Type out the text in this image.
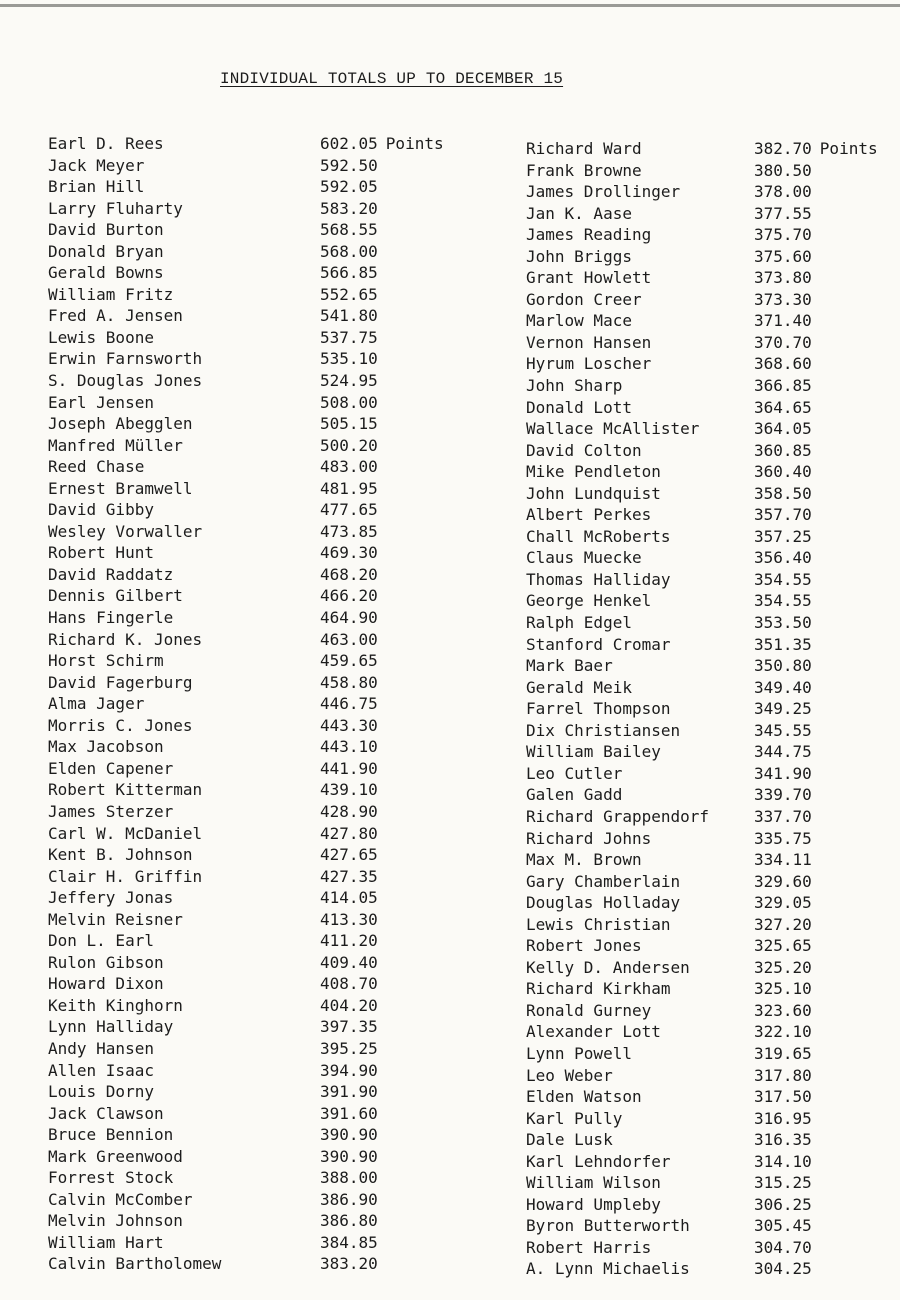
INDIVIDUAL TOTALS UP TO DECEMBER 15
Earl D. Rees	602.05 Points
Jack Meyer	592.50
Brian Hill	592.05
Larry Fluharty	583.20
David Burton	568.55
Donald Bryan	568.00
Gerald Bowns	566.85
William Fritz	552.65
Fred A. Jensen	541.80
Lewis Boone	537.75
Erwin Farnsworth	535.10
S. Douglas Jones	524.95
Earl Jensen	508.00
Joseph Abegglen	505.15
Manfred Müller	500.20
Reed Chase	483.00
Ernest Bramwell	481.95
David Gibby	477.65
Wesley Vorwaller	473.85
Robert Hunt	469.30
David Raddatz	468.20
Dennis Gilbert	466.20
Hans Fingerle	464.90
Richard K. Jones	463.00
Horst Schirm	459.65
David Fagerburg	458.80
Alma Jager	446.75
Morris C. Jones	443.30
Max Jacobson	443.10
Elden Capener	441.90
Robert Kitterman	439.10
James Sterzer	428.90
Carl W. McDaniel	427.80
Kent B. Johnson	427.65
Clair H. Griffin	427.35
Jeffery Jonas	414.05
Melvin Reisner	413.30
Don L. Earl	411.20
Rulon Gibson	409.40
Howard Dixon	408.70
Keith Kinghorn	404.20
Lynn Halliday	397.35
Andy Hansen	395.25
Allen Isaac	394.90
Louis Dorny	391.90
Jack Clawson	391.60
Bruce Bennion	390.90
Mark Greenwood	390.90
Forrest Stock	388.00
Calvin McComber	386.90
Melvin Johnson	386.80
William Hart	384.85
Calvin Bartholomew	383.20
Richard Ward	382.70 Points
Frank Browne	380.50
James Drollinger	378.00
Jan K. Aase	377.55
James Reading	375.70
John Briggs	375.60
Grant Howlett	373.80
Gordon Creer	373.30
Marlow Mace	371.40
Vernon Hansen	370.70
Hyrum Loscher	368.60
John Sharp	366.85
Donald Lott	364.65
Wallace McAllister	364.05
David Colton	360.85
Mike Pendleton	360.40
John Lundquist	358.50
Albert Perkes	357.70
Chall McRoberts	357.25
Claus Muecke	356.40
Thomas Halliday	354.55
George Henkel	354.55
Ralph Edgel	353.50
Stanford Cromar	351.35
Mark Baer	350.80
Gerald Meik	349.40
Farrel Thompson	349.25
Dix Christiansen	345.55
William Bailey	344.75
Leo Cutler	341.90
Galen Gadd	339.70
Richard Grappendorf	337.70
Richard Johns	335.75
Max M. Brown	334.11
Gary Chamberlain	329.60
Douglas Holladay	329.05
Lewis Christian	327.20
Robert Jones	325.65
Kelly D. Andersen	325.20
Richard Kirkham	325.10
Ronald Gurney	323.60
Alexander Lott	322.10
Lynn Powell	319.65
Leo Weber	317.80
Elden Watson	317.50
Karl Pully	316.95
Dale Lusk	316.35
Karl Lehndorfer	314.10
William Wilson	315.25
Howard Umpleby	306.25
Byron Butterworth	305.45
Robert Harris	304.70
A. Lynn Michaelis	304.25
